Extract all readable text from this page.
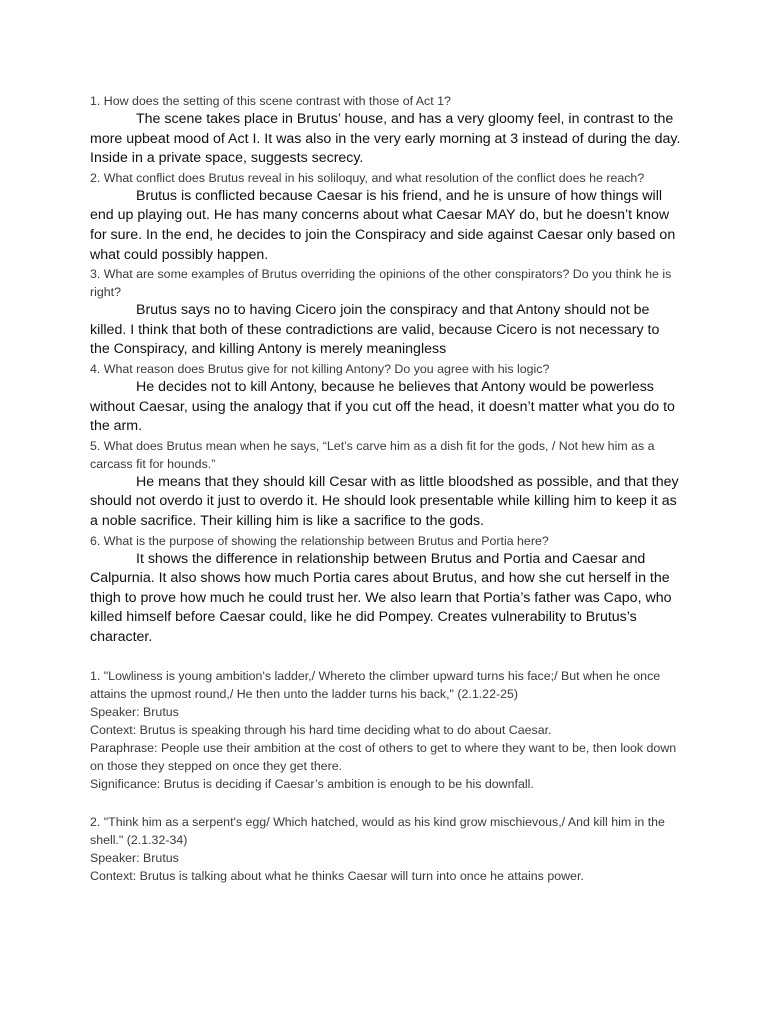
1. How does the setting of this scene contrast with those of Act 1?

The scene takes place in Brutus’ house, and has a very gloomy feel, in contrast to the more upbeat mood of Act I. It was also in the very early morning at 3 instead of during the day. Inside in a private space, suggests secrecy.

2. What conflict does Brutus reveal in his soliloquy, and what resolution of the conflict does he reach?

Brutus is conflicted because Caesar is his friend, and he is unsure of how things will end up playing out. He has many concerns about what Caesar MAY do, but he doesn’t know for sure. In the end, he decides to join the Conspiracy and side against Caesar only based on what could possibly happen.

3. What are some examples of Brutus overriding the opinions of the other conspirators? Do you think he is right?

Brutus says no to having Cicero join the conspiracy and that Antony should not be killed. I think that both of these contradictions are valid, because Cicero is not necessary to the Conspiracy, and killing Antony is merely meaningless

4. What reason does Brutus give for not killing Antony? Do you agree with his logic?

He decides not to kill Antony, because he believes that Antony would be powerless without Caesar, using the analogy that if you cut off the head, it doesn’t matter what you do to the arm.

5. What does Brutus mean when he says, “Let’s carve him as a dish fit for the gods, / Not hew him as a carcass fit for hounds.”

He means that they should kill Cesar with as little bloodshed as possible, and that they should not overdo it just to overdo it. He should look presentable while killing him to keep it as a noble sacrifice. Their killing him is like a sacrifice to the gods.

6. What is the purpose of showing the relationship between Brutus and Portia here?

It shows the difference in relationship between Brutus and Portia and Caesar and Calpurnia. It also shows how much Portia cares about Brutus, and how she cut herself in the thigh to prove how much he could trust her. We also learn that Portia’s father was Capo, who killed himself before Caesar could, like he did Pompey. Creates vulnerability to Brutus’s character.

1. "Lowliness is young ambition's ladder,/ Whereto the climber upward turns his face;/ But when he once attains the upmost round,/ He then unto the ladder turns his back," (2.1.22-25)

Speaker: Brutus

Context: Brutus is speaking through his hard time deciding what to do about Caesar.

Paraphrase: People use their ambition at the cost of others to get to where they want to be, then look down on those they stepped on once they get there.

Significance: Brutus is deciding if Caesar’s ambition is enough to be his downfall.

2. "Think him as a serpent's egg/ Which hatched, would as his kind grow mischievous,/ And kill him in the shell." (2.1.32-34)

Speaker: Brutus

Context: Brutus is talking about what he thinks Caesar will turn into once he attains power.
